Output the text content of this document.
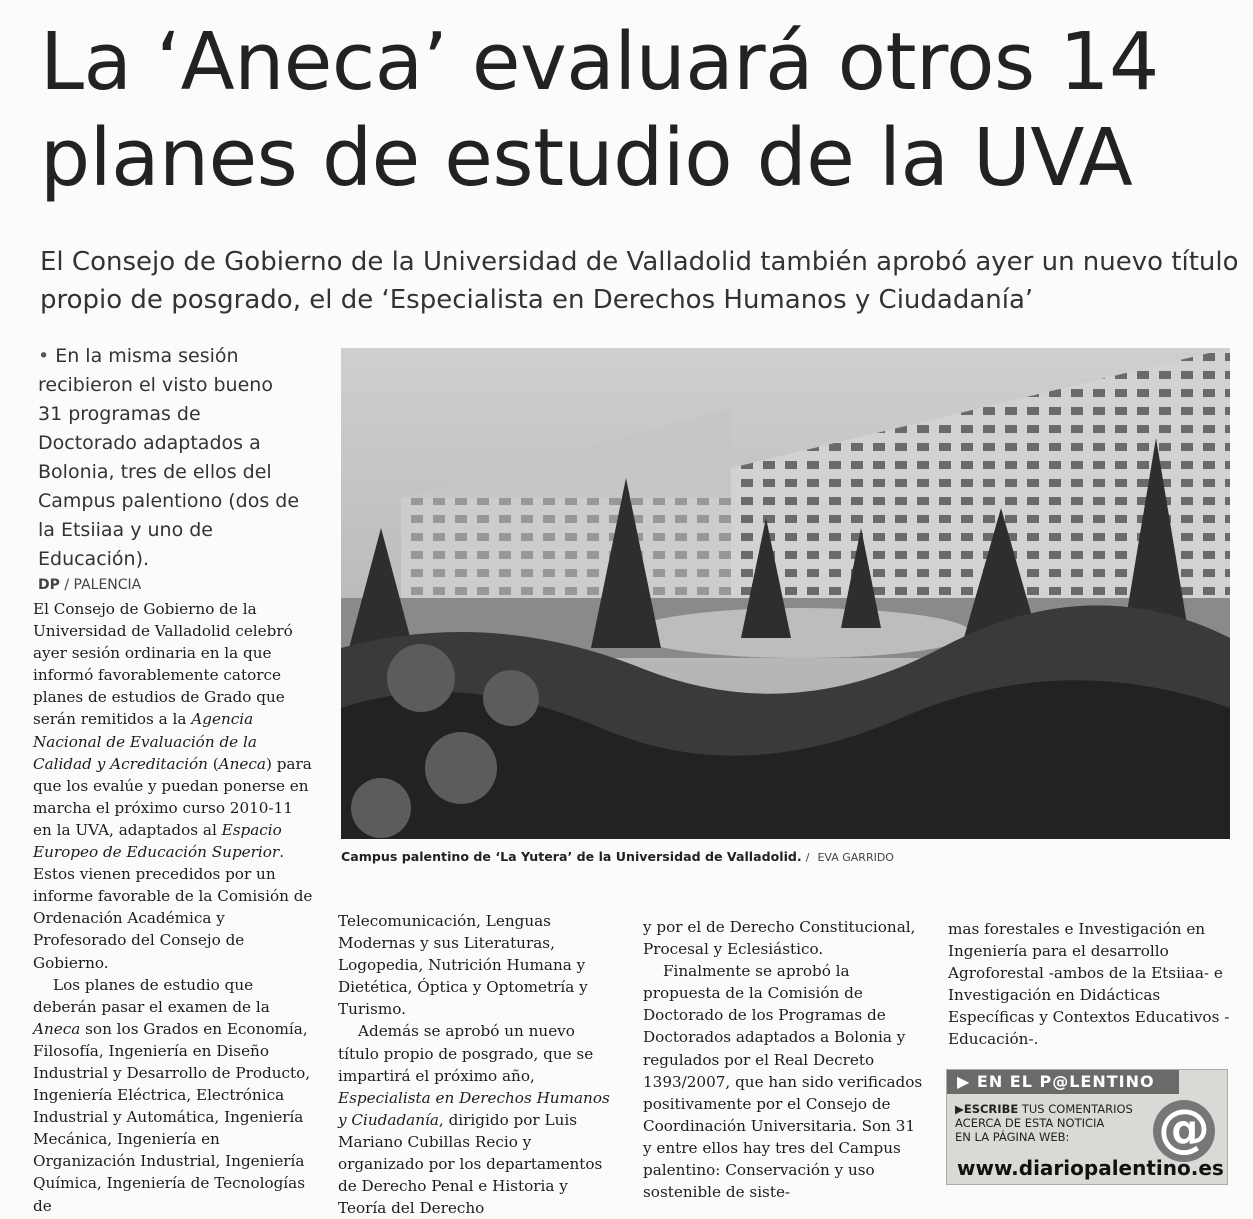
La ‘Aneca’ evaluará otros 14 planes de estudio de la UVA
El Consejo de Gobierno de la Universidad de Valladolid también aprobó ayer un nuevo título propio de posgrado, el de ‘Especialista en Derechos Humanos y Ciudadanía’
• En la misma sesión recibieron el visto bueno 31 programas de Doctorado adaptados a Bolonia, tres de ellos del Campus palentiono (dos de la Etsiiaa y uno de Educación).
DP / PALENCIA

El Consejo de Gobierno de la Universidad de Valladolid celebró ayer sesión ordinaria en la que informó favorablemente catorce planes de estudios de Grado que serán remitidos a la Agencia Nacional de Evaluación de la Calidad y Acreditación (Aneca) para que los evalúe y puedan ponerse en marcha el próximo curso 2010-11 en la UVA, adaptados al Espacio Europeo de Educación Superior. Estos vienen precedidos por un informe favorable de la Comisión de Ordenación Académica y Profesorado del Consejo de Gobierno.

Los planes de estudio que deberán pasar el examen de la Aneca son los Grados en Economía, Filosofía, Ingeniería en Diseño Industrial y Desarrollo de Producto, Ingeniería Eléctrica, Electrónica Industrial y Automática, Ingeniería Mecánica, Ingeniería en Organización Industrial, Ingeniería Química, Ingeniería de Tecnologías de

Campus palentino de ‘La Yutera’ de la Universidad de Valladolid. / EVA GARRIDO

Telecomunicación, Lenguas Modernas y sus Literaturas, Logopedia, Nutrición Humana y Dietética, Óptica y Optometría y Turismo.

Además se aprobó un nuevo título propio de posgrado, que se impartirá el próximo año, Especialista en Derechos Humanos y Ciudadanía, dirigido por Luis Mariano Cubillas Recio y organizado por los departamentos de Derecho Penal e Historia y Teoría del Derecho

y por el de Derecho Constitucional, Procesal y Eclesiástico.

Finalmente se aprobó la propuesta de la Comisión de Doctorado de los Programas de Doctorados adaptados a Bolonia y regulados por el Real Decreto 1393/2007, que han sido verificados positivamente por el Consejo de Coordinación Universitaria. Son 31 y entre ellos hay tres del Campus palentino: Conservación y uso sostenible de siste-

mas forestales e Investigación en Ingeniería para el desarrollo Agroforestal -ambos de la Etsiiaa- e Investigación en Didácticas Específicas y Contextos Educativos -Educación-.

▶ EN EL P@LENTINO
▶ESCRIBE TUS COMENTARIOS
ACERCA DE ESTA NOTICIA
EN LA PÁGINA WEB:	@
www.diariopalentino.es
